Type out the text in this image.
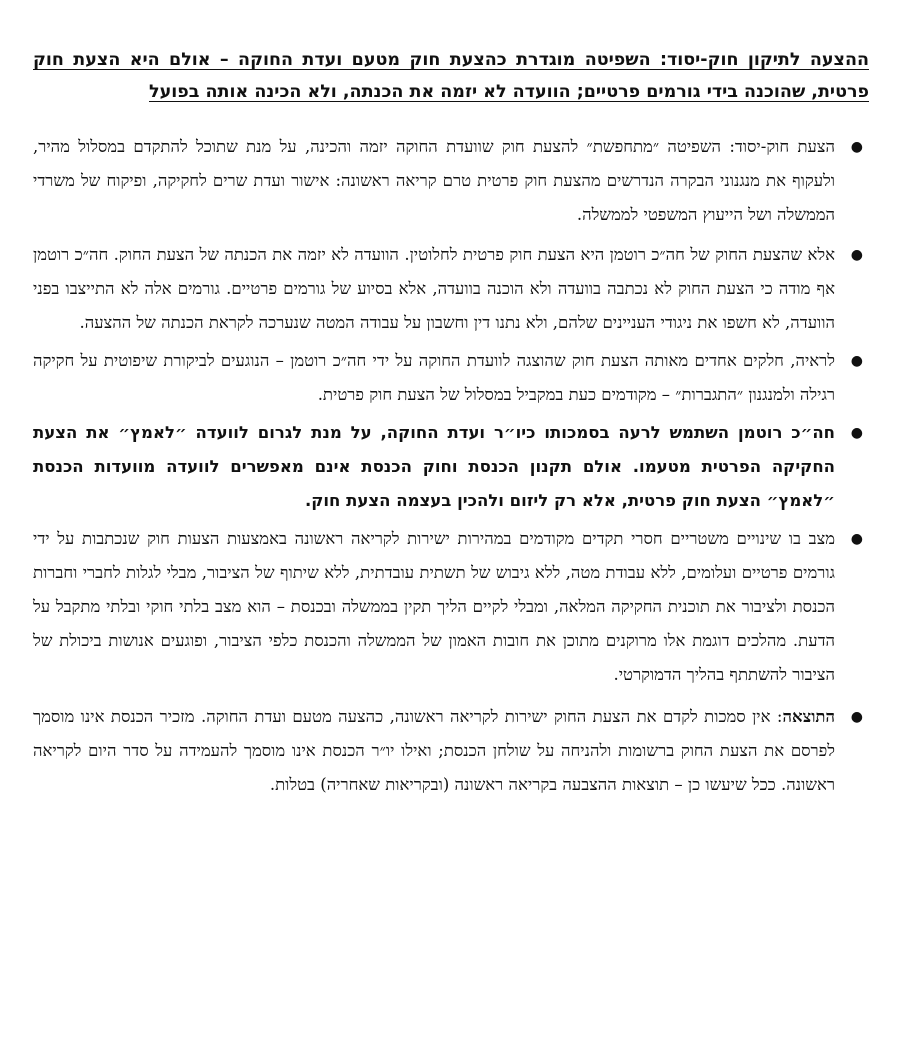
ההצעה לתיקון חוק-יסוד: השפיטה מוגדרת כהצעת חוק מטעם ועדת החוקה – אולם היא הצעת חוק פרטית, שהוכנה בידי גורמים פרטיים; הוועדה לא יזמה את הכנתה, ולא הכינה אותה בפועל
●
הצעת חוק-יסוד: השפיטה ״מתחפשת״ להצעת חוק שוועדת החוקה יזמה והכינה, על מנת שתוכל להתקדם במסלול מהיר, ולעקוף את מנגנוני הבקרה הנדרשים מהצעת חוק פרטית טרם קריאה ראשונה: אישור ועדת שרים לחקיקה, ופיקוח של משרדי הממשלה ושל הייעוץ המשפטי לממשלה.
●
אלא שהצעת החוק של חה״כ רוטמן היא הצעת חוק פרטית לחלוטין. הוועדה לא יזמה את הכנתה של הצעת החוק. חה״כ רוטמן אף מודה כי הצעת החוק לא נכתבה בוועדה ולא הוכנה בוועדה, אלא בסיוע של גורמים פרטיים. גורמים אלה לא התייצבו בפני הוועדה, לא חשפו את ניגודי העניינים שלהם, ולא נתנו דין וחשבון על עבודה המטה שנערכה לקראת הכנתה של ההצעה.
●
לראיה, חלקים אחדים מאותה הצעת חוק שהוצגה לוועדת החוקה על ידי חה״כ רוטמן – הנוגעים לביקורת שיפוטית על חקיקה רגילה ולמנגנון ״התגברות״ – מקודמים כעת במקביל במסלול של הצעת חוק פרטית.
●
חה״כ רוטמן השתמש לרעה בסמכותו כיו״ר ועדת החוקה, על מנת לגרום לוועדה ״לאמץ״ את הצעת החקיקה הפרטית מטעמו. אולם תקנון הכנסת וחוק הכנסת אינם מאפשרים לוועדה מוועדות הכנסת ״לאמץ״ הצעת חוק פרטית, אלא רק ליזום ולהכין בעצמה הצעת חוק.
●
מצב בו שינויים משטריים חסרי תקדים מקודמים במהירות ישירות לקריאה ראשונה באמצעות הצעות חוק שנכתבות על ידי גורמים פרטיים ועלומים, ללא עבודת מטה, ללא גיבוש של תשתית עובדתית, ללא שיתוף של הציבור, מבלי לגלות לחברי וחברות הכנסת ולציבור את תוכנית החקיקה המלאה, ומבלי לקיים הליך תקין בממשלה ובכנסת – הוא מצב בלתי חוקי ובלתי מתקבל על הדעת. מהלכים דוגמת אלו מרוקנים מתוכן את חובות האמון של הממשלה והכנסת כלפי הציבור, ופוגעים אנושות ביכולת של הציבור להשתתף בהליך הדמוקרטי.
●
התוצאה: אין סמכות לקדם את הצעת החוק ישירות לקריאה ראשונה, כהצעה מטעם ועדת החוקה. מזכיר הכנסת אינו מוסמך לפרסם את הצעת החוק ברשומות ולהניחה על שולחן הכנסת; ואילו יו״ר הכנסת אינו מוסמך להעמידה על סדר היום לקריאה ראשונה. ככל שיעשו כן – תוצאות ההצבעה בקריאה ראשונה (ובקריאות שאחריה) בטלות.
